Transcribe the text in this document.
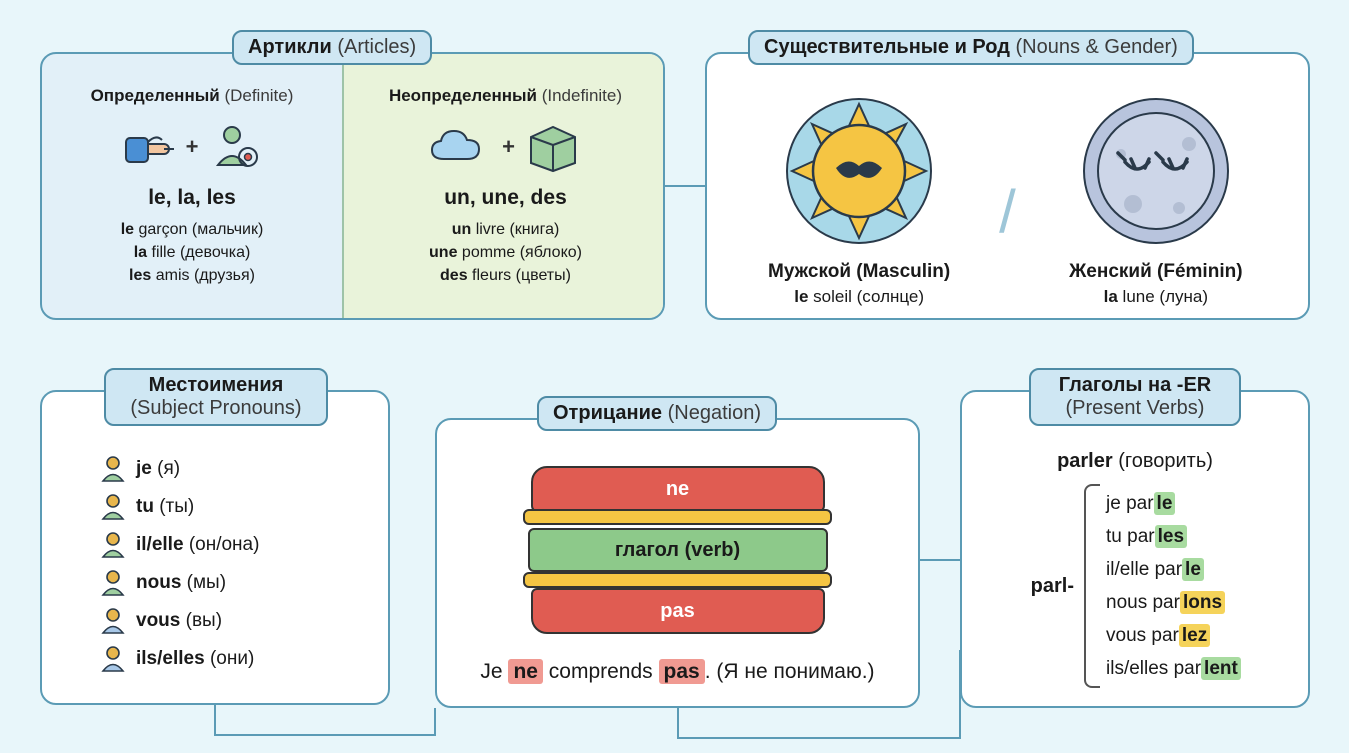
Определенный (Definite)
+
le, la, les
le garçon (мальчик)
la fille (девочка)
les amis (друзья)
Неопределенный (Indefinite)
+
un, une, des
un livre (книга)
une pomme (яблоко)
des fleurs (цветы)
Артикли (Articles)
Мужской (Masculin)
le soleil (солнце)
/
Женский (Féminin)
la lune (луна)
Существительные и Род (Nouns & Gender)
je (я)
tu (ты)
il/elle (он/она)
nous (мы)
vous (вы)
ils/elles (они)
Местоимения
(Subject Pronouns)
ne
глагол (verb)
pas
Je ne comprends pas . (Я не понимаю.)
Отрицание (Negation)
parler (говорить)
parl-
je par le
tu par les
il/elle par le
nous par lons
vous par lez
ils/elles par lent
Глаголы на -ER
(Present Verbs)
